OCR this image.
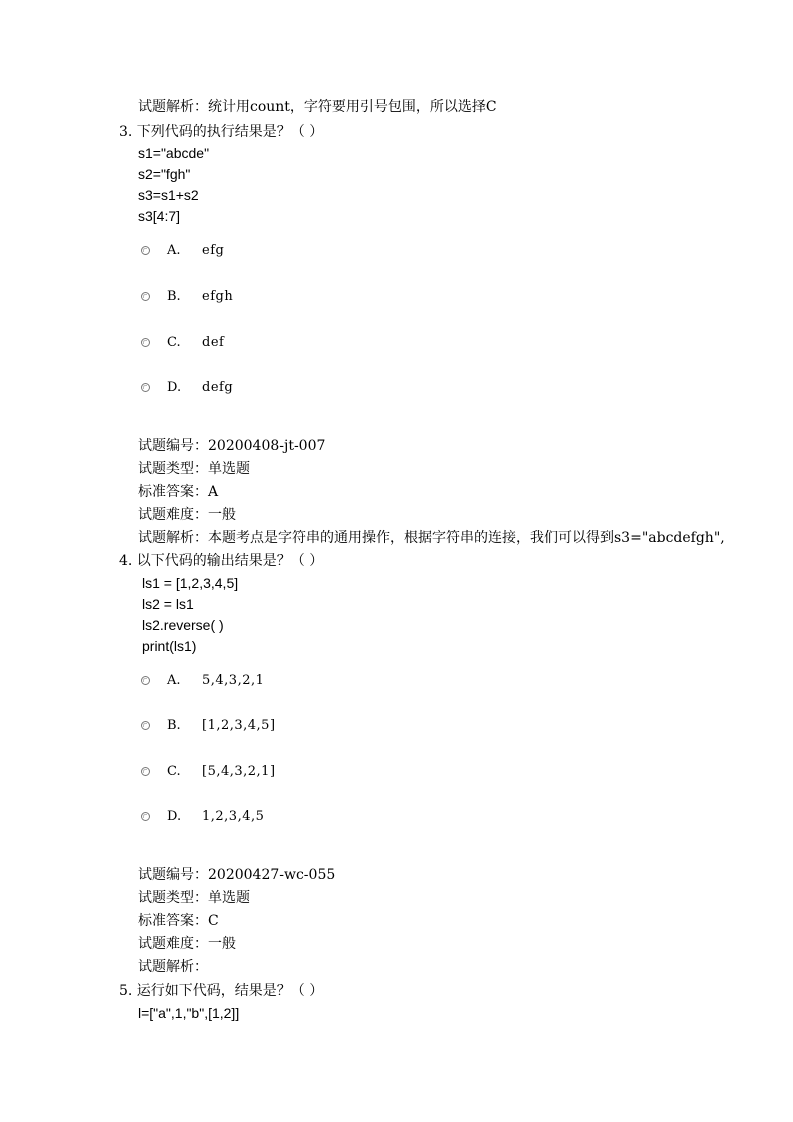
试题解析：统计用count，字符要用引号包围，所以选择C
3. 下列代码的执行结果是？（ ）
s1="abcde"
s2="fgh"
s3=s1+s2
s3[4:7]
A. efg
B. efgh
C. def
D. defg
试题编号：20200408-jt-007
试题类型：单选题
标准答案：A
试题难度：一般
试题解析：本题考点是字符串的通用操作，根据字符串的连接，我们可以得到s3="abcdefgh",
4. 以下代码的输出结果是？（ ）
ls1 = [1,2,3,4,5]
ls2 = ls1
ls2.reverse( )
print(ls1)
A. 5,4,3,2,1
B. [1,2,3,4,5]
C. [5,4,3,2,1]
D. 1,2,3,4,5
试题编号：20200427-wc-055
试题类型：单选题
标准答案：C
试题难度：一般
试题解析：
5. 运行如下代码，结果是？（ ）
l=["a",1,"b",[1,2]]
